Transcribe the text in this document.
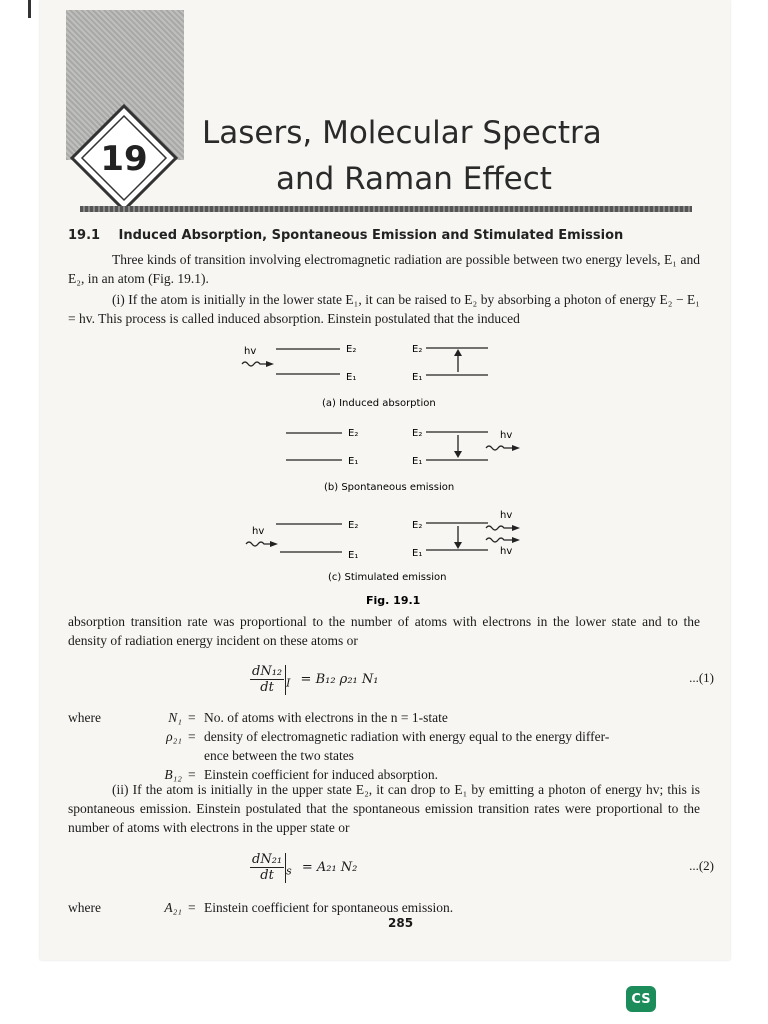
19
Lasers, Molecular Spectra
and Raman Effect
19.1 Induced Absorption, Spontaneous Emission and Stimulated Emission
Three kinds of transition involving electromagnetic radiation are possible between two energy levels, E₁ and E₂, in an atom (Fig. 19.1).
(i) If the atom is initially in the lower state E₁, it can be raised to E₂ by absorbing a photon of energy E₂ − E₁ = hv. This process is called induced absorption. Einstein postulated that the induced
hv	E₂
E₁
E₂
E₁
(a) Induced absorption
E₂
E₁
E₂
E₁
hv
(b) Spontaneous emission
hv
E₂
E₁
E₂
E₁
hv
hv
(c) Stimulated emission
Fig. 19.1
absorption transition rate was proportional to the number of atoms with electrons in the lower state and to the density of radiation energy incident on these atoms or
$\frac{\text{dN₁₂}}{dt} _I = B_{12}$ ρ₂₁ N₁	...(1)
where	N₁ = No. of atoms with electrons in the n = 1-state
ρ₂₁ = density of electromagnetic radiation with energy equal to the energy differ-
ence between the two states
B₁₂ = Einstein coefficient for induced absorption.
(ii) If the atom is initially in the upper state E₂, it can drop to E₁ by emitting a photon of energy hv; this is spontaneous emission. Einstein postulated that the spontaneous emission transition rates were proportional to the number of atoms with electrons in the upper state or
$\frac{\text{dN₂₁}}{dt} _s = A_{21}$ N₂	...(2)
where	A₂₁ = Einstein coefficient for spontaneous emission.
285
CS
